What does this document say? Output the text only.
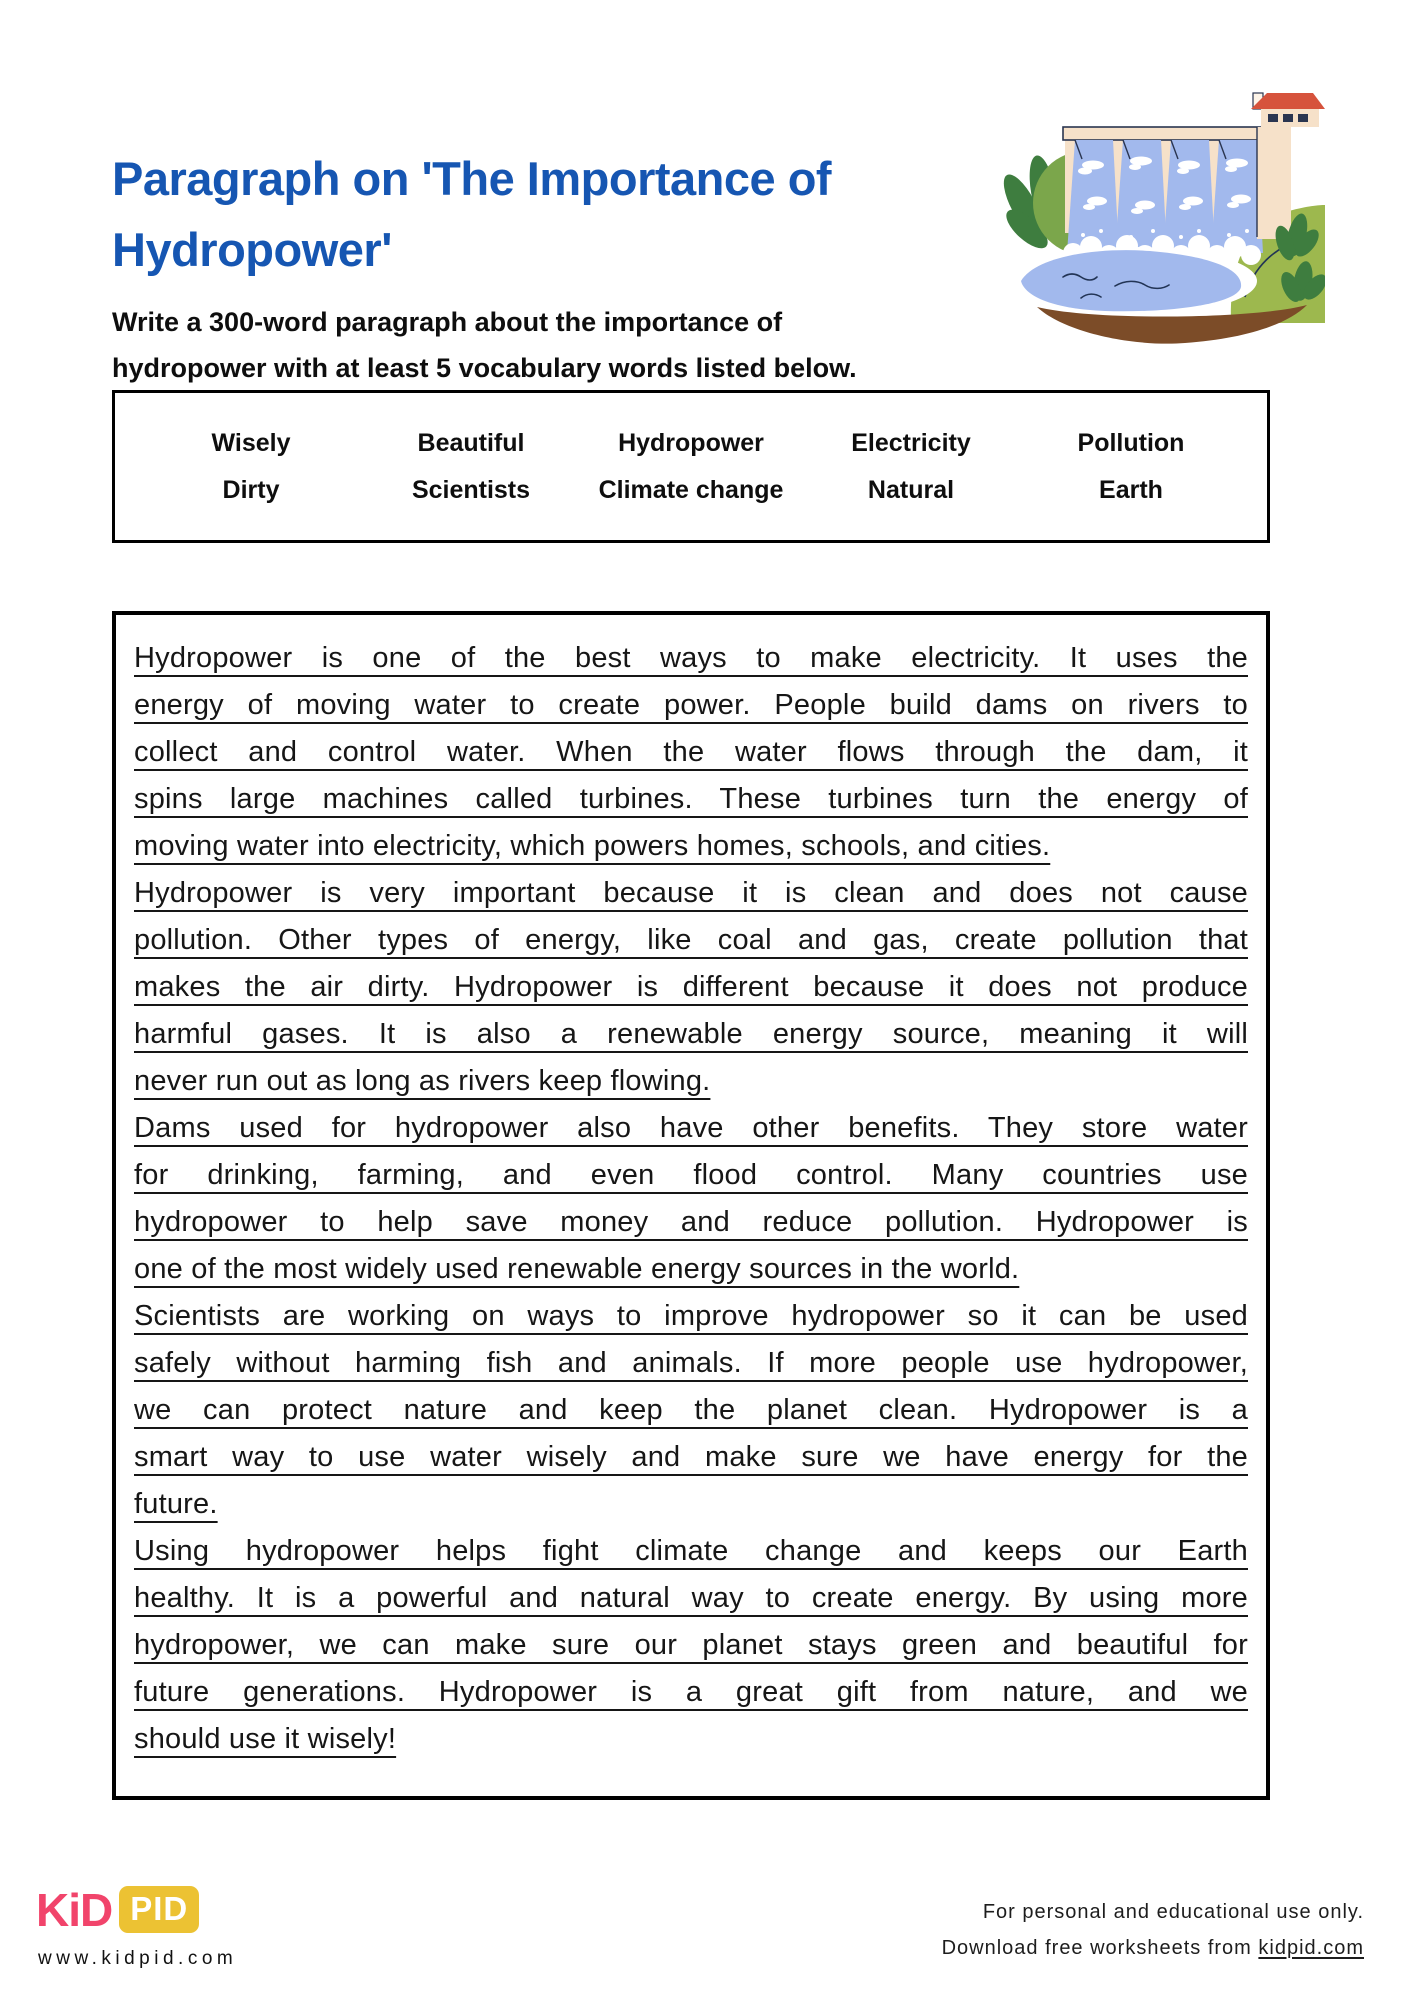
Paragraph on 'The Importance of
Hydropower'

Write a 300-word paragraph about the importance of
hydropower with at least 5 vocabulary words listed below.

Wisely	Beautiful	Hydropower	Electricity	Pollution
Dirty	Scientists	Climate change	Natural	Earth
Hydropower is one of the best ways to make electricity. It uses the
energy of moving water to create power. People build dams on rivers to
collect and control water. When the water flows through the dam, it
spins large machines called turbines. These turbines turn the energy of
moving water into electricity, which powers homes, schools, and cities.
Hydropower is very important because it is clean and does not cause
pollution. Other types of energy, like coal and gas, create pollution that
makes the air dirty. Hydropower is different because it does not produce
harmful gases. It is also a renewable energy source, meaning it will
never run out as long as rivers keep flowing.
Dams used for hydropower also have other benefits. They store water
for drinking, farming, and even flood control. Many countries use
hydropower to help save money and reduce pollution. Hydropower is
one of the most widely used renewable energy sources in the world.
Scientists are working on ways to improve hydropower so it can be used
safely without harming fish and animals. If more people use hydropower,
we can protect nature and keep the planet clean. Hydropower is a
smart way to use water wisely and make sure we have energy for the
future.
Using hydropower helps fight climate change and keeps our Earth
healthy. It is a powerful and natural way to create energy. By using more
hydropower, we can make sure our planet stays green and beautiful for
future generations. Hydropower is a great gift from nature, and we
should use it wisely!
KiD PID
www.kidpid.com
For personal and educational use only.
Download free worksheets from kidpid.com
